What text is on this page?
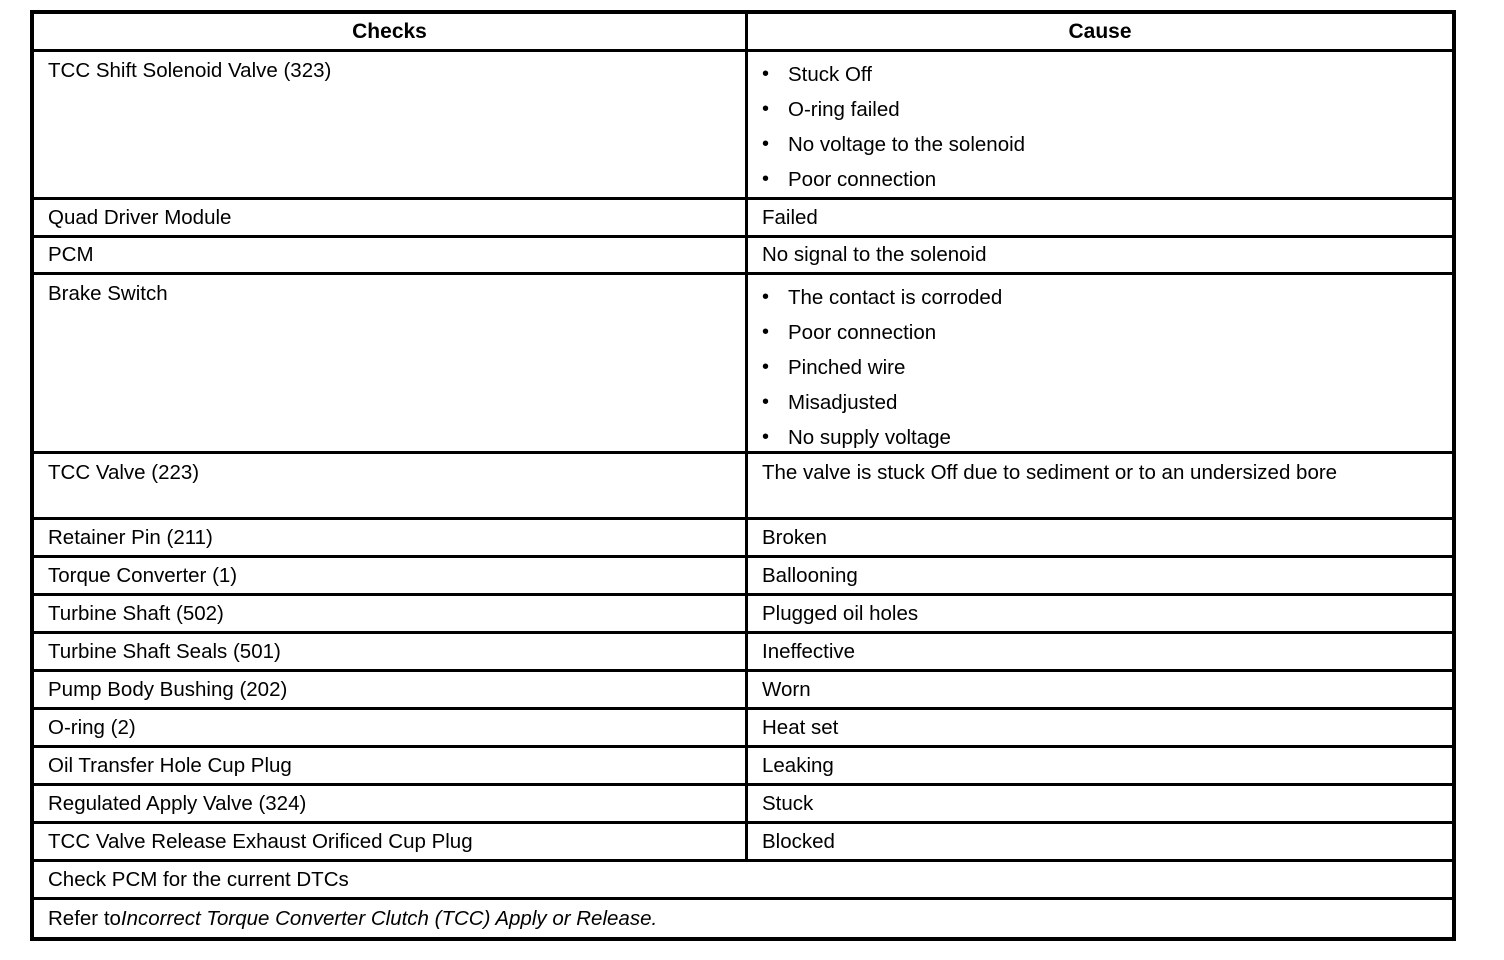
Checks	Cause
TCC Shift Solenoid Valve (323)	• Stuck Off
• O-ring failed
• No voltage to the solenoid
• Poor connection
Quad Driver Module	Failed
PCM	No signal to the solenoid
Brake Switch	• The contact is corroded
• Poor connection
• Pinched wire
• Misadjusted
• No supply voltage
TCC Valve (223)	The valve is stuck Off due to sediment or to an undersized bore
Retainer Pin (211)	Broken
Torque Converter (1)	Ballooning
Turbine Shaft (502)	Plugged oil holes
Turbine Shaft Seals (501)	Ineffective
Pump Body Bushing (202)	Worn
O-ring (2)	Heat set
Oil Transfer Hole Cup Plug	Leaking
Regulated Apply Valve (324)	Stuck
TCC Valve Release Exhaust Orificed Cup Plug	Blocked
Check PCM for the current DTCs
Refer to Incorrect Torque Converter Clutch (TCC) Apply or Release.
